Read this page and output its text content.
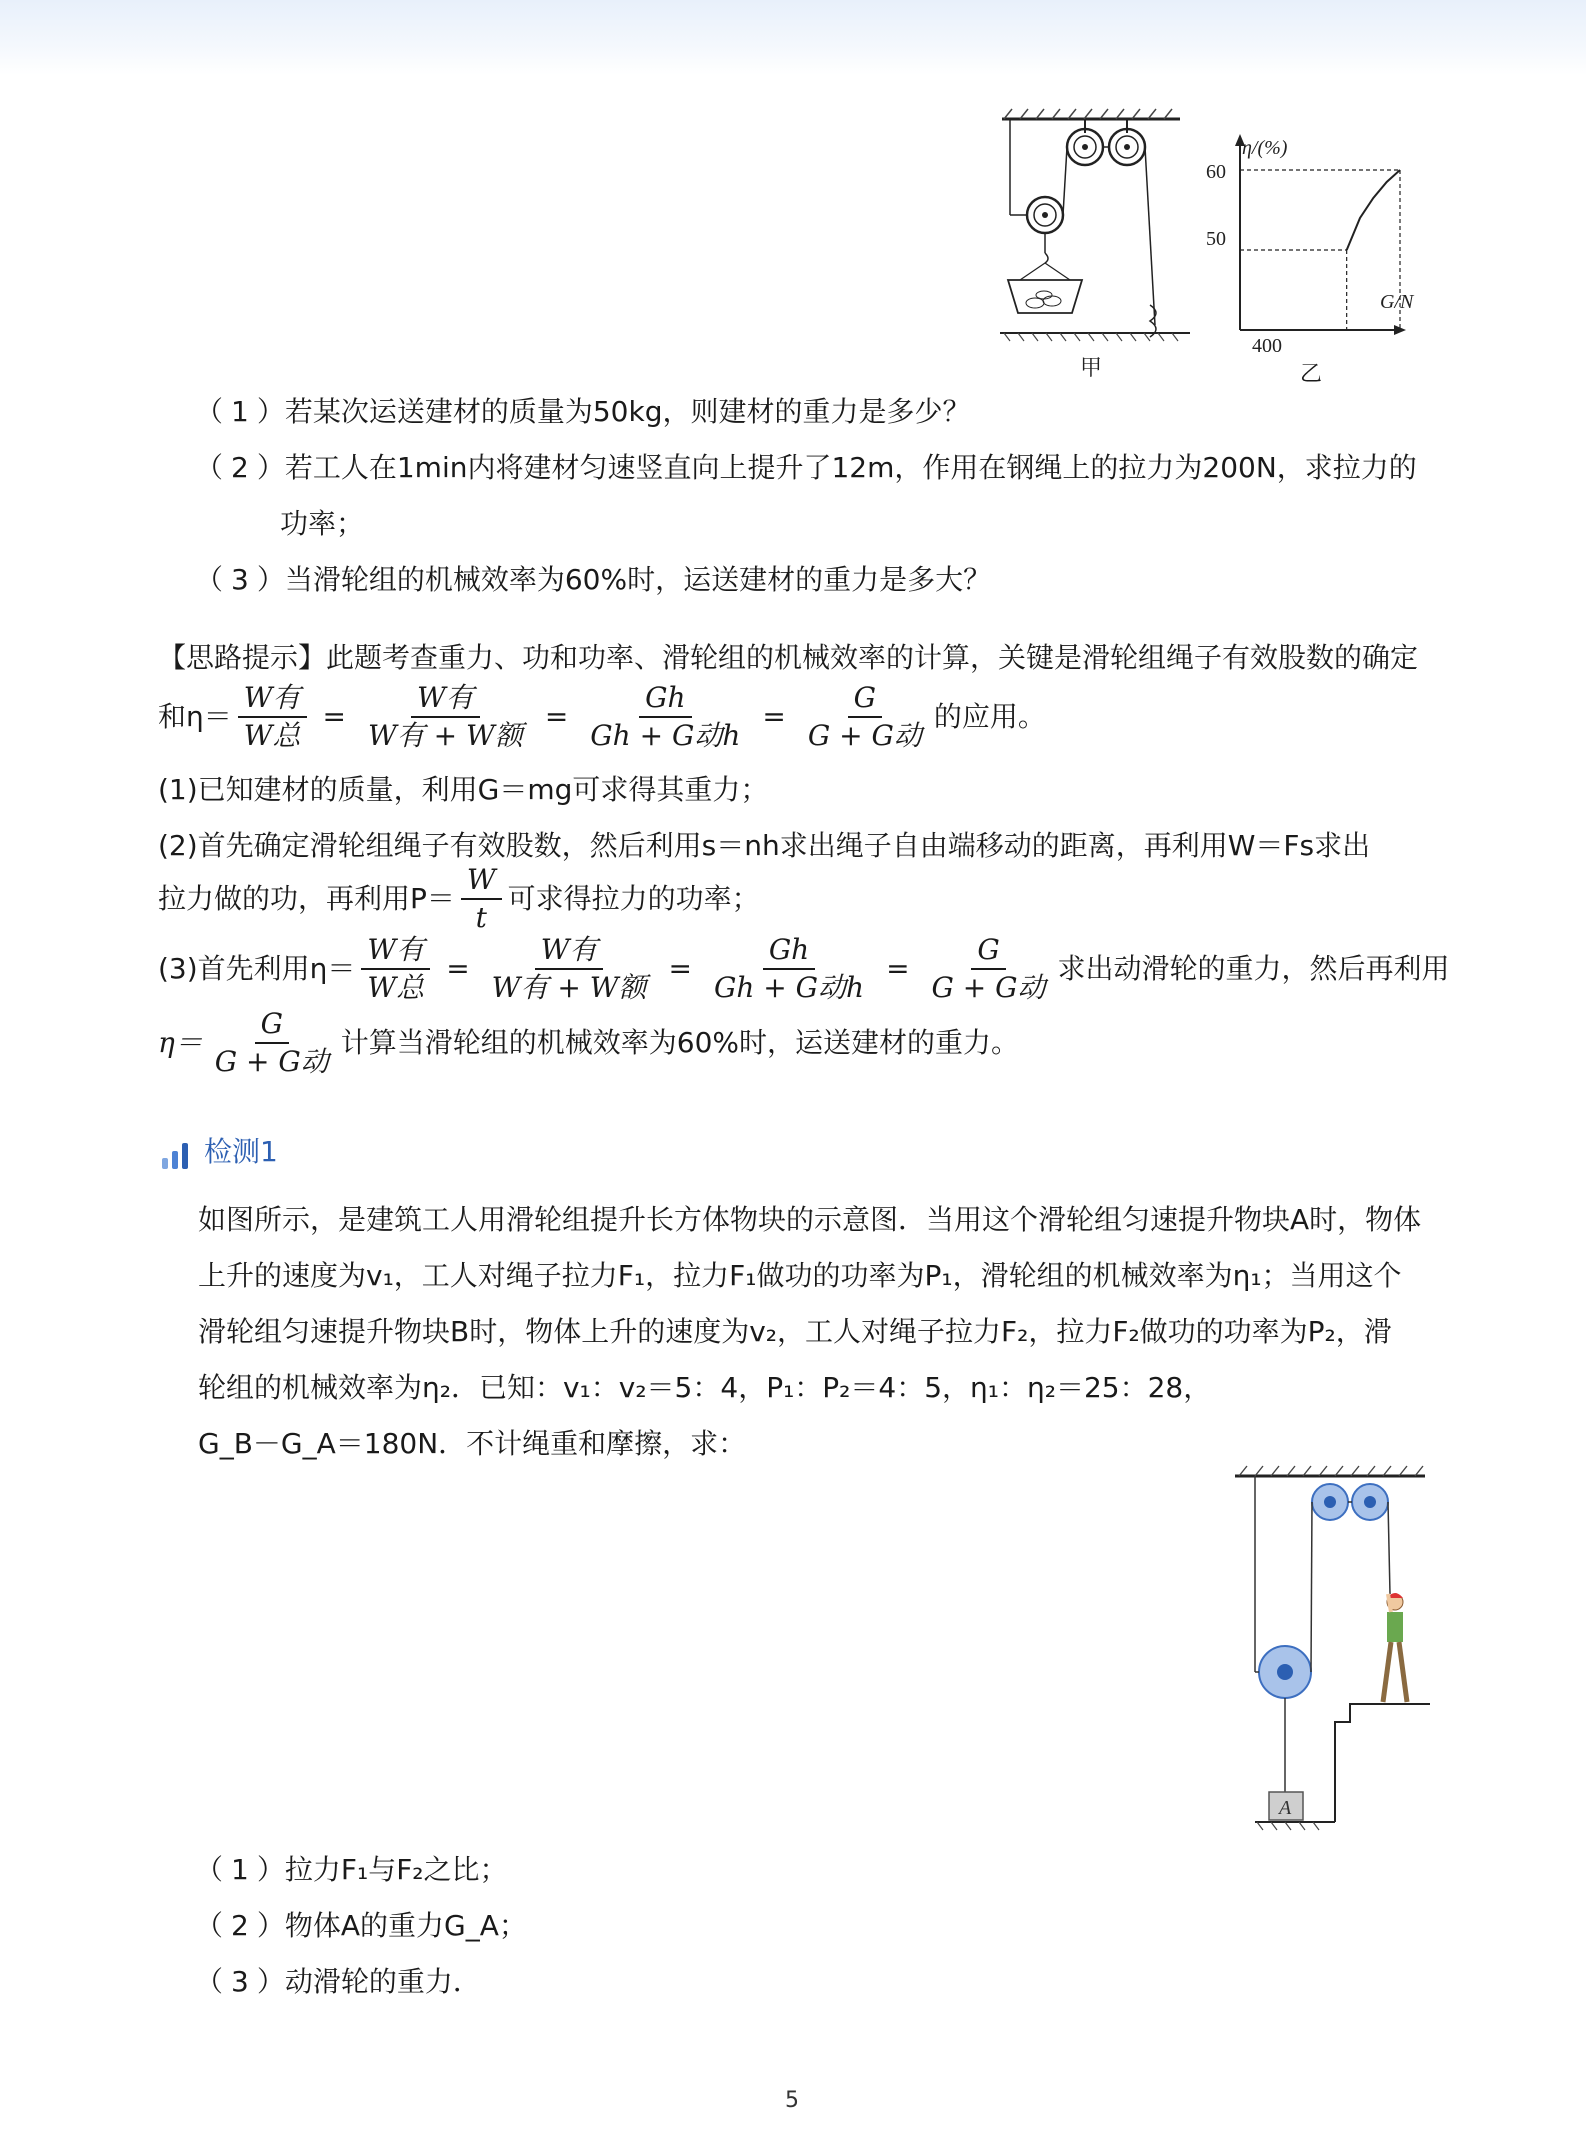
甲
η/(%)
G/N
60
50
400
乙
（ 1 ）若某次运送建材的质量为50kg，则建材的重力是多少？
（ 2 ）若工人在1min内将建材匀速竖直向上提升了12m，作用在钢绳上的拉力为200N，求拉力的
功率；
（ 3 ）当滑轮组的机械效率为60%时，运送建材的重力是多大？
【思路提示】此题考查重力、功和功率、滑轮组的机械效率的计算，关键是滑轮组绳子有效股数的确定
和$\eta= \frac{\text{W有}}{\text{W总}} = \frac{\text{W有}}{\text{W有 + W额}} = \frac{Gh}{\text{Gh + G动h}} = \frac{G}{\text{G + G动}}$ 的应用。
(1)已知建材的质量，利用G＝mg可求得其重力；
(2)首先确定滑轮组绳子有效股数，然后利用s＝nh求出绳子自由端移动的距离，再利用W＝Fs求出
拉力做的功，再利用$P= \frac{W}{t}$ 可求得拉力的功率；
(3)首先利用$\eta= \frac{\text{W有}}{\text{W总}} = \frac{\text{W有}}{\text{W有 + W额}} = \frac{Gh}{\text{Gh + G动h}} = \frac{G}{\text{G + G动}}$ 求出动滑轮的重力，然后再利用
$\eta= \frac{G}{\text{G + G动}}$ 计算当滑轮组的机械效率为60%时，运送建材的重力。
检测1
如图所示，是建筑工人用滑轮组提升长方体物块的示意图．当用这个滑轮组匀速提升物块A时，物体
上升的速度为v₁，工人对绳子拉力F₁，拉力F₁做功的功率为P₁，滑轮组的机械效率为η₁；当用这个
滑轮组匀速提升物块B时，物体上升的速度为v₂，工人对绳子拉力F₂，拉力F₂做功的功率为P₂，滑
轮组的机械效率为η₂．已知：v₁：v₂＝5：4，P₁：P₂＝4：5，η₁：η₂＝25：28，
G_B－G_A＝180N．不计绳重和摩擦，求：
A
（ 1 ）拉力F₁与F₂之比；
（ 2 ）物体A的重力G_A；
（ 3 ）动滑轮的重力．
5
